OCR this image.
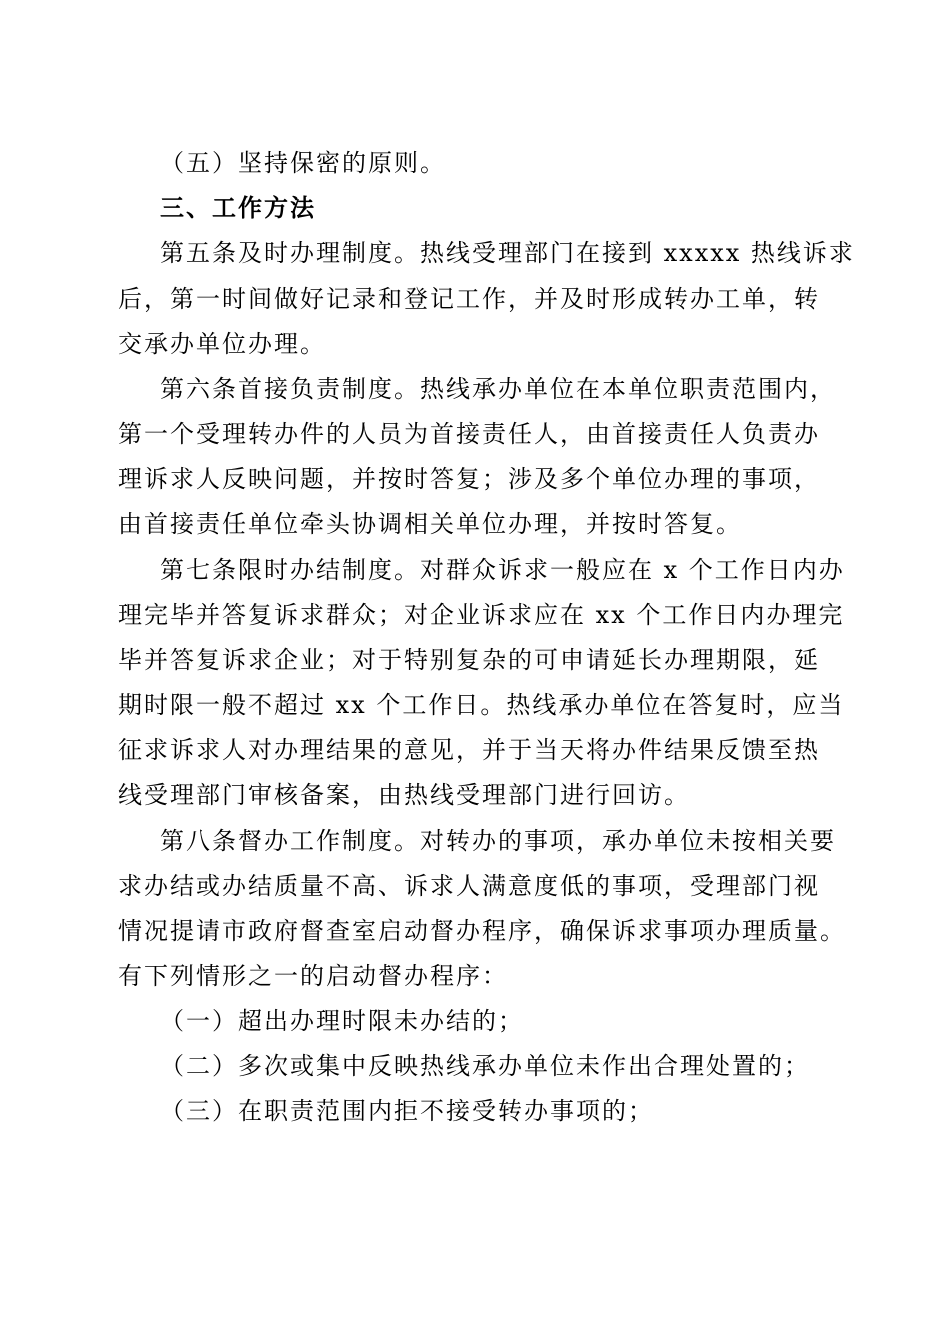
（五）坚持保密的原则。
三、工作方法
第五条及时办理制度。热线受理部门在接到 xxxxx 热线诉求
后，第一时间做好记录和登记工作，并及时形成转办工单，转
交承办单位办理。
第六条首接负责制度。热线承办单位在本单位职责范围内，
第一个受理转办件的人员为首接责任人，由首接责任人负责办
理诉求人反映问题，并按时答复；涉及多个单位办理的事项，
由首接责任单位牵头协调相关单位办理，并按时答复。
第七条限时办结制度。对群众诉求一般应在 x 个工作日内办
理完毕并答复诉求群众；对企业诉求应在 xx 个工作日内办理完
毕并答复诉求企业；对于特别复杂的可申请延长办理期限，延
期时限一般不超过 xx 个工作日。热线承办单位在答复时，应当
征求诉求人对办理结果的意见，并于当天将办件结果反馈至热
线受理部门审核备案，由热线受理部门进行回访。
第八条督办工作制度。对转办的事项，承办单位未按相关要
求办结或办结质量不高、诉求人满意度低的事项，受理部门视
情况提请市政府督查室启动督办程序，确保诉求事项办理质量。
有下列情形之一的启动督办程序：
（一）超出办理时限未办结的；
（二）多次或集中反映热线承办单位未作出合理处置的；
（三）在职责范围内拒不接受转办事项的；
